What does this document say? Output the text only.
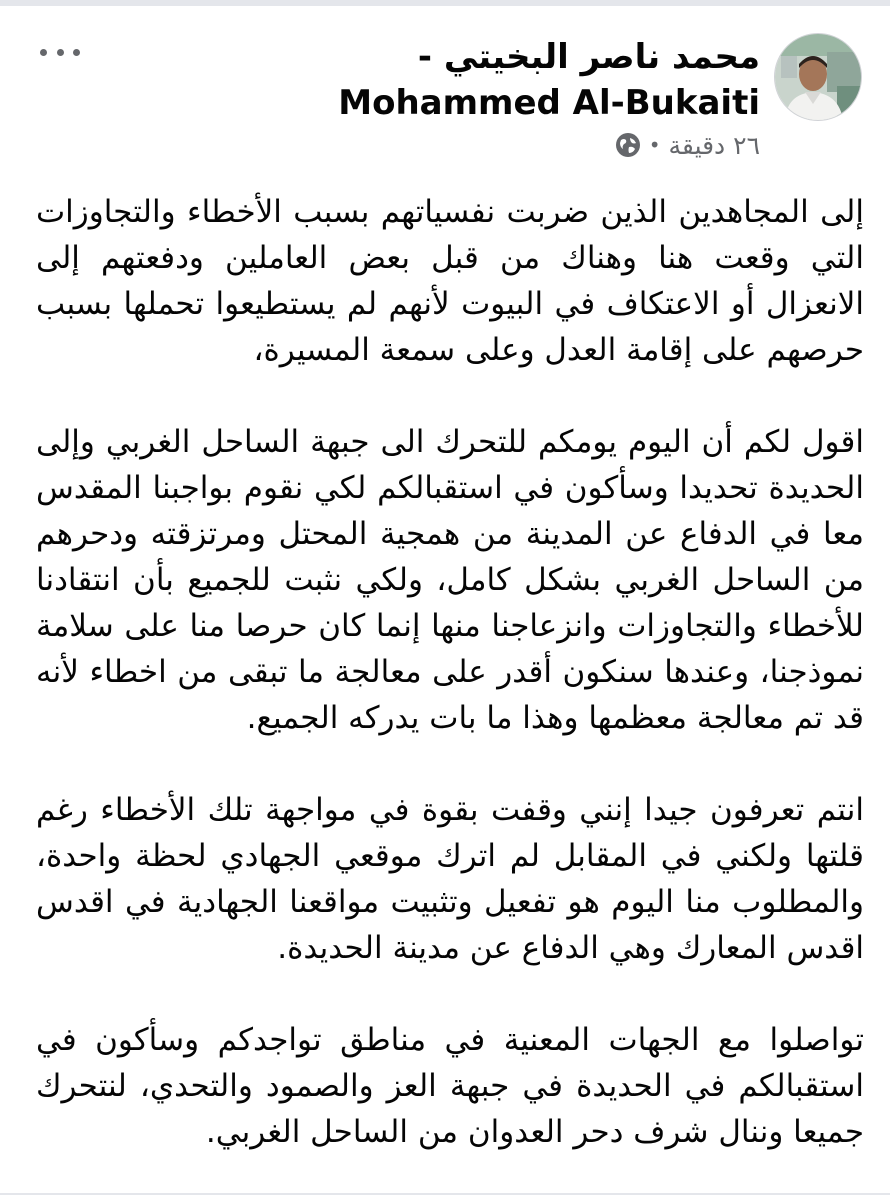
محمد ناصر البخيتي -Mohammed Al-Bukaiti
٢٦ دقيقة
•

إلى المجاهدين الذين ضربت نفسياتهم بسبب الأخطاء والتجاوزات التي وقعت هنا وهناك من قبل بعض العاملين ودفعتهم إلى الانعزال أو الاعتكاف في البيوت لأنهم لم يستطيعوا تحملها بسبب حرصهم على إقامة العدل وعلى سمعة المسيرة،

اقول لكم أن اليوم يومكم للتحرك الى جبهة الساحل الغربي وإلى الحديدة تحديدا وسأكون في استقبالكم لكي نقوم بواجبنا المقدس معا في الدفاع عن المدينة من همجية المحتل ومرتزقته ودحرهم من الساحل الغربي بشكل كامل، ولكي نثبت للجميع بأن انتقادنا للأخطاء والتجاوزات وانزعاجنا منها إنما كان حرصا منا على سلامة نموذجنا، وعندها سنكون أقدر على معالجة ما تبقى من اخطاء لأنه قد تم معالجة معظمها وهذا ما بات يدركه الجميع.

انتم تعرفون جيدا إنني وقفت بقوة في مواجهة تلك الأخطاء رغم قلتها ولكني في المقابل لم اترك موقعي الجهادي لحظة واحدة، والمطلوب منا اليوم هو تفعيل وتثبيت مواقعنا الجهادية في اقدس اقدس المعارك وهي الدفاع عن مدينة الحديدة.

تواصلوا مع الجهات المعنية في مناطق تواجدكم وسأكون في استقبالكم في الحديدة في جبهة العز والصمود والتحدي، لنتحرك جميعا وننال شرف دحر العدوان من الساحل الغربي.
